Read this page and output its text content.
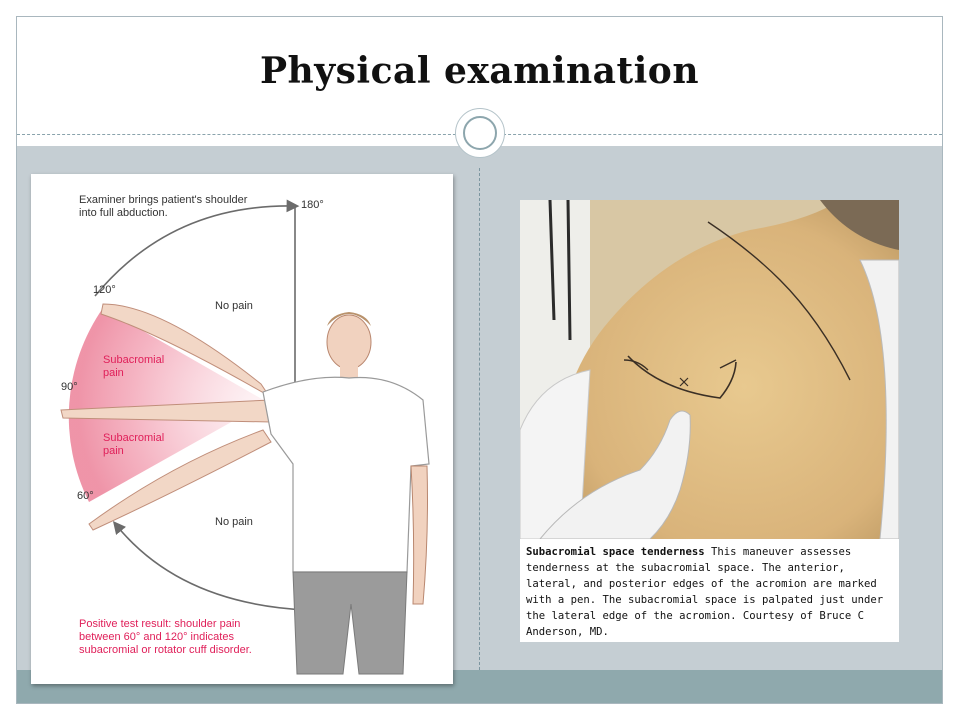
Physical examination
Examiner brings patient's shoulder
into full abduction.
180°
120°
No pain
Subacromial
pain
90°
Subacromial
pain
60°
No pain
Positive test result: shoulder pain
between 60° and 120° indicates
subacromial or rotator cuff disorder.
Subacromial space tenderness This maneuver assesses tenderness at the subacromial space. The anterior, lateral, and posterior edges of the acromion are marked with a pen. The subacromial space is palpated just under the lateral edge of the acromion. Courtesy of Bruce C Anderson, MD.
